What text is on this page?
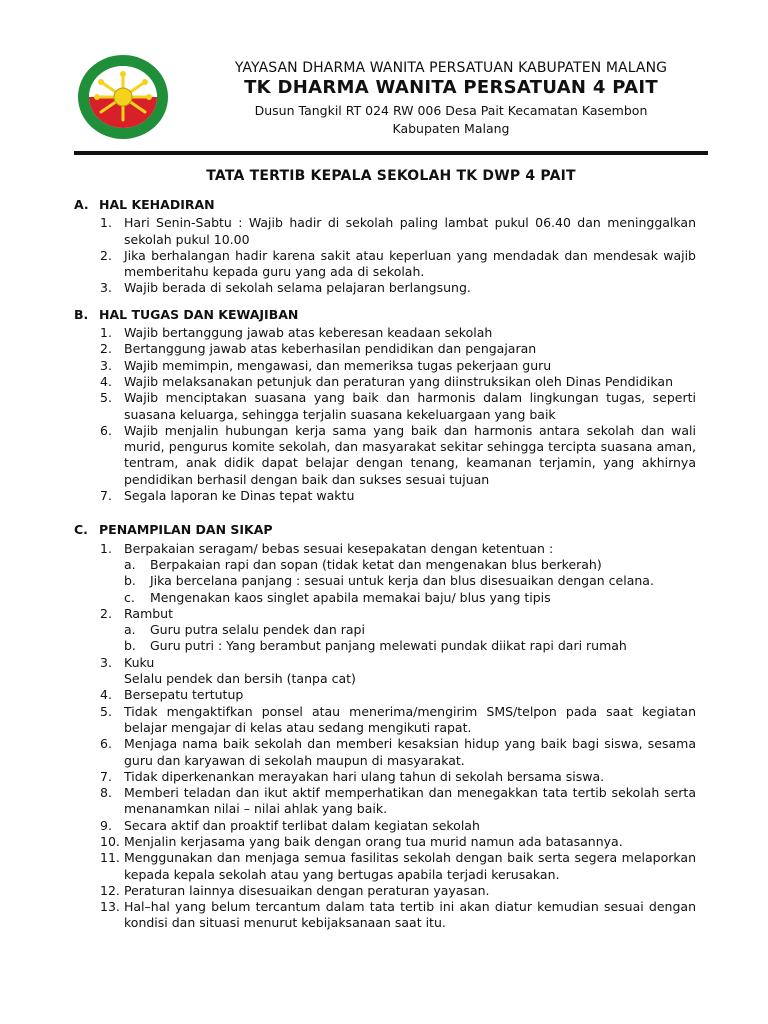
YAYASAN DHARMA WANITA PERSATUAN KABUPATEN MALANG
TK DHARMA WANITA PERSATUAN 4 PAIT
Dusun Tangkil RT 024 RW 006 Desa Pait Kecamatan Kasembon
Kabupaten Malang
TATA TERTIB KEPALA SEKOLAH TK DWP 4 PAIT
A. HAL KEHADIRAN
1. Hari Senin-Sabtu : Wajib hadir di sekolah paling lambat pukul 06.40 dan meninggalkan sekolah pukul 10.00
2. Jika berhalangan hadir karena sakit atau keperluan yang mendadak dan mendesak wajib memberitahu kepada guru yang ada di sekolah.
3. Wajib berada di sekolah selama pelajaran berlangsung.
B. HAL TUGAS DAN KEWAJIBAN
1. Wajib bertanggung jawab atas keberesan keadaan sekolah
2. Bertanggung jawab atas keberhasilan pendidikan dan pengajaran
3. Wajib memimpin, mengawasi, dan memeriksa tugas pekerjaan guru
4. Wajib melaksanakan petunjuk dan peraturan yang diinstruksikan oleh Dinas Pendidikan
5. Wajib menciptakan suasana yang baik dan harmonis dalam lingkungan tugas, seperti suasana keluarga, sehingga terjalin suasana kekeluargaan yang baik
6. Wajib menjalin hubungan kerja sama yang baik dan harmonis antara sekolah dan wali murid, pengurus komite sekolah, dan masyarakat sekitar sehingga tercipta suasana aman, tentram, anak didik dapat belajar dengan tenang, keamanan terjamin, yang akhirnya pendidikan berhasil dengan baik dan sukses sesuai tujuan
7. Segala laporan ke Dinas tepat waktu
C. PENAMPILAN DAN SIKAP
1. Berpakaian seragam/ bebas sesuai kesepakatan dengan ketentuan :
a.	Berpakaian rapi dan sopan (tidak ketat dan mengenakan blus berkerah)
b.	Jika bercelana panjang : sesuai untuk kerja dan blus disesuaikan dengan celana.
c.	Mengenakan kaos singlet apabila memakai baju/ blus yang tipis
2. Rambut
a.	Guru putra selalu pendek dan rapi
b.	Guru putri : Yang berambut panjang melewati pundak diikat rapi dari rumah
3. Kuku
Selalu pendek dan bersih (tanpa cat)
4. Bersepatu tertutup
5. Tidak mengaktifkan ponsel atau menerima/mengirim SMS/telpon pada saat kegiatan belajar mengajar di kelas atau sedang mengikuti rapat.
6. Menjaga nama baik sekolah dan memberi kesaksian hidup yang baik bagi siswa, sesama guru dan karyawan di sekolah maupun di masyarakat.
7. Tidak diperkenankan merayakan hari ulang tahun di sekolah bersama siswa.
8. Memberi teladan dan ikut aktif memperhatikan dan menegakkan tata tertib sekolah serta menanamkan nilai – nilai ahlak yang baik.
9. Secara aktif dan proaktif terlibat dalam kegiatan sekolah
10. Menjalin kerjasama yang baik dengan orang tua murid namun ada batasannya.
11. Menggunakan dan menjaga semua fasilitas sekolah dengan baik serta segera melaporkan kepada kepala sekolah atau yang bertugas apabila terjadi kerusakan.
12. Peraturan lainnya disesuaikan dengan peraturan yayasan.
13. Hal–hal yang belum tercantum dalam tata tertib ini akan diatur kemudian sesuai dengan kondisi dan situasi menurut kebijaksanaan saat itu.
